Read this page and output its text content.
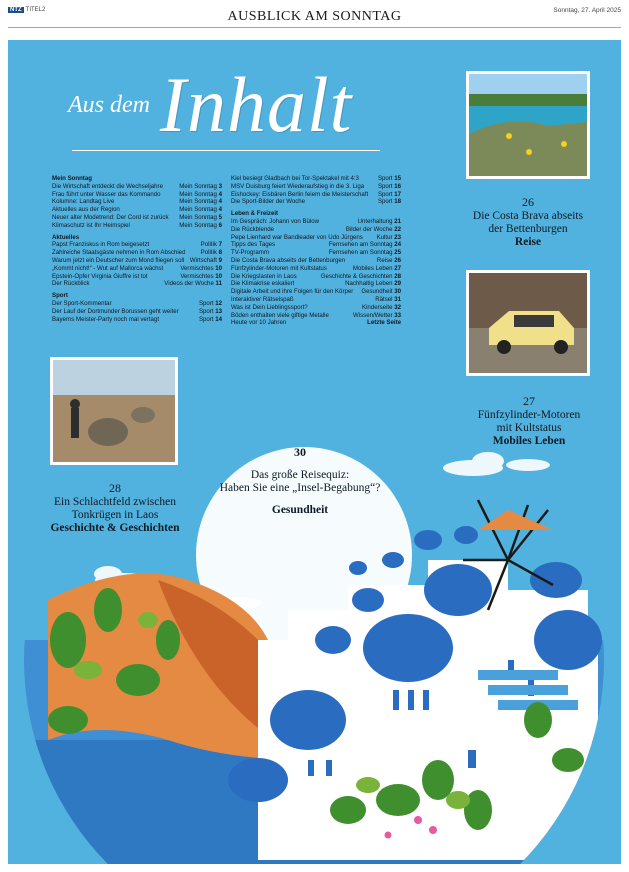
NTZ TITEL2	AUSBLICK AM SONNTAG	Sonntag, 27. April 2025
Aus dem Inhalt
Mein Sonntag
Die Wirtschaft entdeckt die Wechseljahre	Mein Sonntag 3
Frau führt unter Wasser das Kommando	Mein Sonntag 4
Kolumne: Landtag Live	Mein Sonntag 4
Aktuelles aus der Region	Mein Sonntag 4
Neuer alter Modetrend: Der Cord ist zurück	Mein Sonntag 5
Klimaschutz ist Ihr Heimspiel	Mein Sonntag 6
Aktuelles
Papst Franziskus in Rom beigesetzt	Politik 7
Zahlreiche Staatsgäste nehmen in Rom Abschied	Politik 8
Warum jetzt ein Deutscher zum Mond fliegen soll Wirtschaft 9
„Kommt nicht!“ - Wut auf Mallorca wächst	Vermischtes 10
Epstein-Opfer Virginia Giuffre ist tot	Vermischtes 10
Der Rückblick	Videos der Woche 11
Sport
Der Sport-Kommentar	Sport 12
Der Lauf der Dortmunder Borussen geht weiter	Sport 13
Bayerns Meister-Party noch mal vertagt	Sport 14
Kiel besiegt Gladbach bei Tor-Spektakel mit 4:3	Sport 15
MSV Duisburg feiert Wiederaufstieg in die 3. Liga	Sport 16
Eishockey: Eisbären Berlin feiern die Meisterschaft	Sport 17
Die Sport-Bilder der Woche	Sport 18
Leben & Freizeit
Im Gespräch: Johann von Bülow	Unterhaltung 21
Die Rückblende	Bilder der Woche 22
Pepe Lienhard war Bandleader von Udo Jürgens	Kultur 23
Tipps des Tages	Fernsehen am Sonntag 24
TV-Programm	Fernsehen am Sonntag 25
Die Costa Brava abseits der Bettenburgen	Reise 26
Fünfzylinder-Motoren mit Kultstatus	Mobiles Leben 27
Die Kriegslasten in Laos	Geschichte & Geschichten 28
Die Klimakrise eskaliert	Nachhaltig Leben 29
Digitale Arbeit und ihre Folgen für den Körper	Gesundheit 30
Interaktiver Rätselspaß	Rätsel 31
Was ist Dein Lieblingssport?	Kinderseite 32
Böden enthalten viele giftige Metalle	Wissen/Wetter 33
Heute vor 10 Jahren	Letzte Seite
26
Die Costa Brava abseits
der Bettenburgen
Reise
27
Fünfzylinder-Motoren
mit Kultstatus
Mobiles Leben
28
Ein Schlachtfeld zwischen
Tonkrügen in Laos
Geschichte & Geschichten
30
Das große Reisequiz:
Haben Sie eine „Insel-Begabung“?
Gesundheit
